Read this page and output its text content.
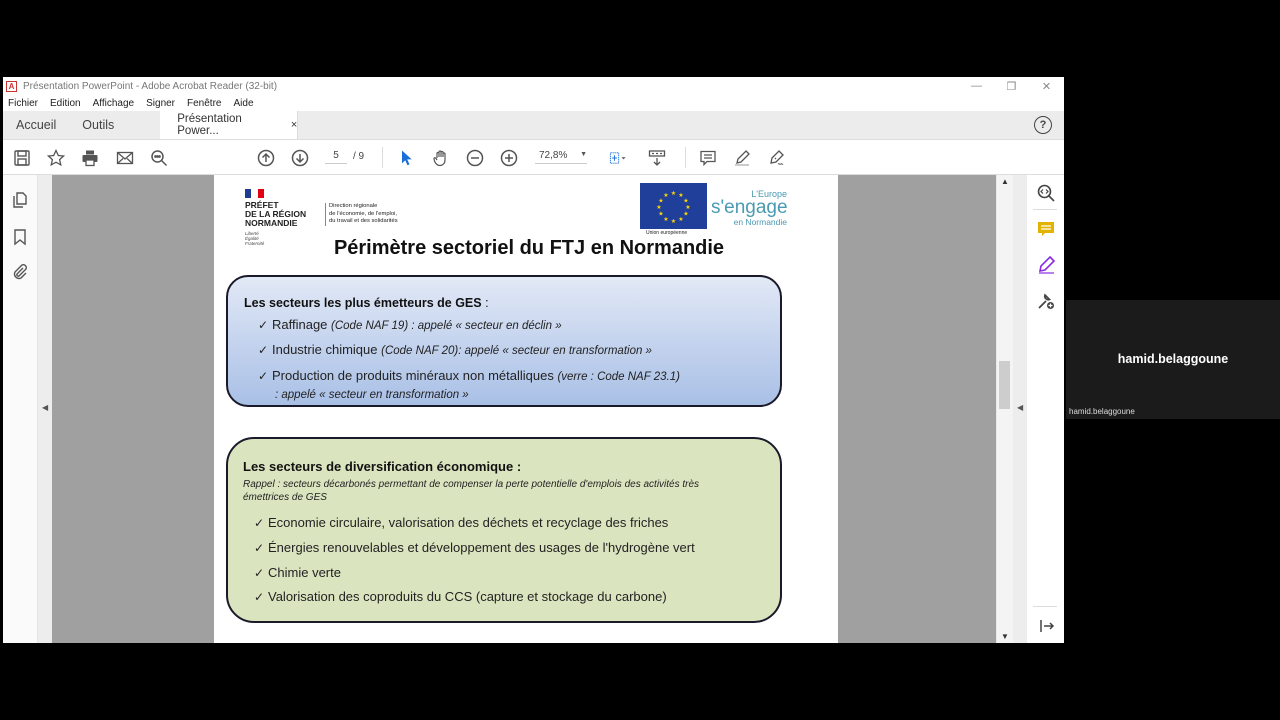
A Présentation PowerPoint - Adobe Acrobat Reader (32-bit)	—	❐	✕
Fichier Edition Affichage Signer Fenêtre Aide
Accueil	Outils	Présentation Power...	×	?
5	/ 9	72,8% ▼
◀
PRÉFET
DE LA RÉGION
NORMANDIE
Liberté
Égalité
Fraternité
Direction régionale
de l'économie, de l'emploi,
du travail et des solidarités
★ ★
★
★
★
★
★
★
★
★
★
★
Union européenne
L'Europe
s'engage
en Normandie
Périmètre sectoriel du FTJ en Normandie
Les secteurs les plus émetteurs de GES :
✓ Raffinage (Code NAF 19) : appelé « secteur en déclin »
✓ Industrie chimique (Code NAF 20): appelé « secteur en transformation »
✓ Production de produits minéraux non métalliques (verre : Code NAF 23.1)
: appelé « secteur en transformation »
Les secteurs de diversification économique :
Rappel : secteurs décarbonés permettant de compenser la perte potentielle d'emplois des activités très
émettrices de GES
✓ Economie circulaire, valorisation des déchets et recyclage des friches
✓ Énergies renouvelables et développement des usages de l'hydrogène vert
✓ Chimie verte
✓ Valorisation des coproduits du CCS (capture et stockage du carbone)
▲
▼
◀
hamid.belaggoune
hamid.belaggoune
